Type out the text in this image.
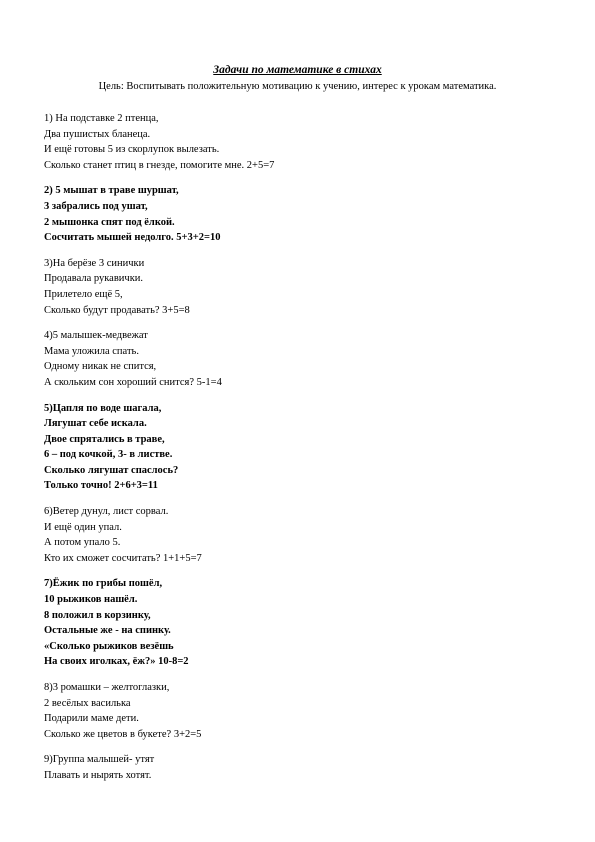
Задачи по математике в стихах
Цель: Воспитывать положительную мотивацию к учению, интерес к урокам математика.
1) На подставке 2 птенца,
Два пушистых бланеца.
И ещё готовы 5 из скорлупок вылезать.
Сколько станет птиц в гнезде, помогите мне. 2+5=7
2) 5 мышат в траве шуршат,
3 забрались под ушат,
2 мышонка спят под ёлкой.
Сосчитать мышей недолго. 5+3+2=10
3)На берёзе 3 синички
Продавала рукавички.
Прилетело ещё 5,
Сколько будут продавать? 3+5=8
4)5 малышек-медвежат
Мама уложила спать.
Одному никак не спится,
А скольким сон хороший снится? 5-1=4
5)Цапля по воде шагала,
Лягушат себе искала.
Двое спрятались в траве,
6 – под кочкой, 3- в листве.
Сколько лягушат спаслось?
Только точно! 2+6+3=11
6)Ветер дунул, лист сорвал.
И ещё один упал.
А потом упало 5.
Кто их сможет сосчитать? 1+1+5=7
7)Ёжик по грибы пошёл,
10 рыжиков нашёл.
8 положил в корзинку,
Остальные же - на спинку.
«Сколько рыжиков везёшь
На своих иголках, ёж?» 10-8=2
8)3 ромашки – желтоглазки,
2 весёлых василька
Подарили маме дети.
Сколько же цветов в букете? 3+2=5
9)Группа малышей- утят
Плавать и нырять хотят.
